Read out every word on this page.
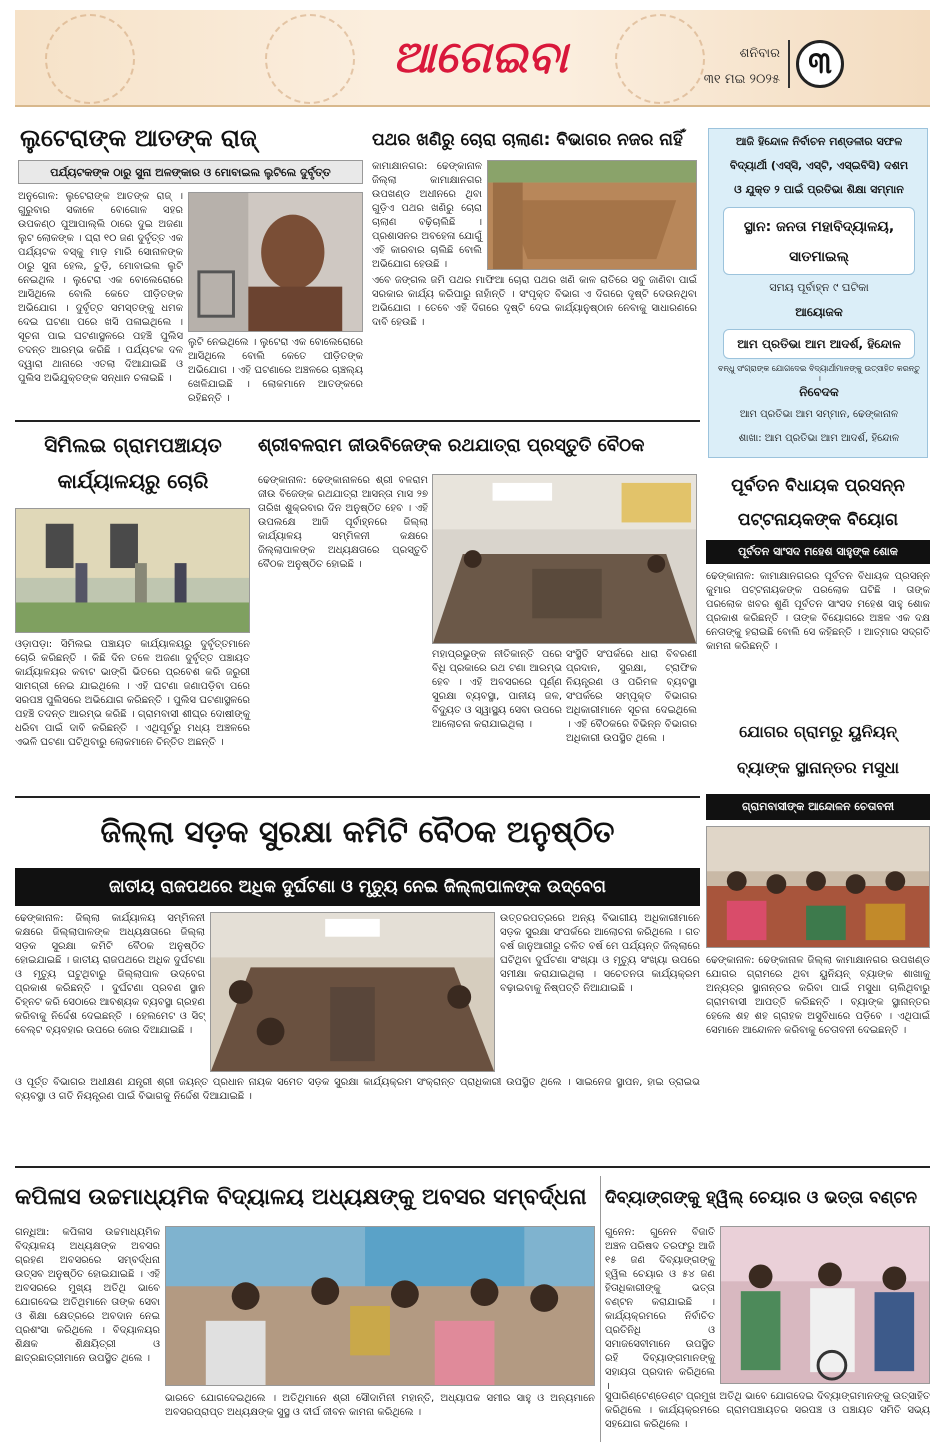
ଆଗେଇବା	ଶନିବାର
୩୧ ମଇ ୨୦୨୫ ୩
ଲୁଟେରାଙ୍କ ଆତଙ୍କ ରାଜ୍
ପର୍ଯ୍ୟଟକଙ୍କ ଠାରୁ ସୁନା ଅଳଙ୍କାର ଓ ମୋବାଇଲ ଲୁଟିଲେ ଦୁର୍ବୃତ୍ତ
ଅନୁଗୋଳ: ଲୁଟେରାଙ୍କ ଆତଙ୍କ ରାଜ୍ । ଗୁରୁବାର ସକାଳେ ବୋଗୋଳ ସହର ଉପକଣ୍ଠ ପୁଆପାଲ୍ଲି ଠାରେ ଦୁଇ ଅଜଣା ଲୁଟ ଲୋକଙ୍କ । ଘ୍ରା ୧୦ ଜଣ ଦୁର୍ବୃତ୍ତ ଏକ ପର୍ଯ୍ୟଟକ ବସ୍‌କୁ ମାଡ଼ ମାରି ସୋନାଳଙ୍କ ଠାରୁ ସୁନା ହେଲ, ଚୁଡ଼ି, ମୋବାଇଲ ଲୁଟି ନେଇଥିଲ । ଲୁଟେରା ଏକ ବୋଲେରୋରେ ଆସିଥିଲେ ବୋଲି କେତେ ପୀଡ଼ିତଙ୍କ ଅଭିଯୋଗ । ଦୁର୍ବୃତ୍ତ ସମସ୍ତଙ୍କୁ ଧମକ ଦେଇ ଘଟଣା ପରେ ଖସି ପଳାଇଥିଲେ । ସୂଚନା ପାଇ ଘଟଣାସ୍ଥଳରେ ପହଞ୍ଚି ପୁଲିସ ତଦନ୍ତ ଆରମ୍ଭ କରିଛି । ପର୍ଯ୍ୟଟକ ଦଳ ଦ୍ୱାରା ଥାନାରେ ଏତଲା ଦିଆଯାଇଛି ଓ ପୁଲିସ ଅଭିଯୁକ୍ତଙ୍କ ସନ୍ଧାନ ଚଳାଇଛି ।
ଲୁଟି ନେଇଥିଲେ । ଲୁଟେରା ଏକ ବୋଲେରୋରେ ଆସିଥିଲେ ବୋଲି କେତେ ପୀଡ଼ିତଙ୍କ ଅଭିଯୋଗ । ଏହି ଘଟଣାରେ ଅଞ୍ଚଳରେ ଚାଞ୍ଚଲ୍ୟ ଖେଳିଯାଇଛି । ଲୋକମାନେ ଆତଙ୍କରେ ରହିଛନ୍ତି ।
ପଥର ଖଣିରୁ ଚୋରା ଚାଲାଣ: ବିଭାଗର ନଜର ନାହିଁ
କାମାକ୍ଷାନଗର: ଢେଙ୍କାନାଳ ଜିଲ୍ଲା କାମାକ୍ଷାନଗର ଉପଖଣ୍ଡ ଅଧୀନରେ ଥିବା ଗୁଡ଼ିଏ ପଥର ଖଣିରୁ ଚୋରା ଚାଲାଣ ବଢ଼ିଚାଲିଛି । ପ୍ରଶାସନର ଅବହେଳା ଯୋଗୁଁ ଏହି କାରବାର ଚାଲିଛି ବୋଲି ଅଭିଯୋଗ ହେଉଛି ।
ଏବେ ଜଙ୍ଗଲ ଜମି ପଥର ମାଫିଆ ଚୋରା ପଥର ଖଣି କାଳ ରାତିରେ ସବୁ ଜାଣିବା ପାଇଁ ସରକାର କାର୍ଯ୍ୟ କରିପାରୁ ନାହାଁନ୍ତି । ସଂପୃକ୍ତ ବିଭାଗ ଏ ଦିଗରେ ଦୃଷ୍ଟି ଦେଉନଥିବା ଅଭିଯୋଗ । ତେବେ ଏହି ଦିଗରେ ଦୃଷ୍ଟି ଦେଇ କାର୍ଯ୍ୟାନୁଷ୍ଠାନ ନେବାକୁ ସାଧାରଣରେ ଦାବି ହେଉଛି ।
ଆଜି ହିନ୍ଦୋଳ ନିର୍ବାଚନ ମଣ୍ଡଳୀର ସଫଳ
ବିଦ୍ୟାର୍ଥୀ (ଏସ୍‌ସି, ଏସ୍‌ଟି, ଏସ୍‌ଇବିସି) ଦଶମ
ଓ ଯୁକ୍ତ ୨ ପାଇଁ ପ୍ରତିଭା ଶିକ୍ଷା ସମ୍ମାନ
ସ୍ଥାନ: ଜନତା ମହାବିଦ୍ୟାଳୟ,
ସାତମାଇଲ୍
ସମୟ ପୂର୍ବାହ୍ନ ୯ ଘଟିକା
ଆୟୋଜକ
ଆମ ପ୍ରତିଭା ଆମ ଆଦର୍ଶ, ହିନ୍ଦୋଳ
ବନ୍ଧୁ ସଂଗ୍ରାଙ୍କ ଯୋଗଦେଇ ବିଦ୍ୟାର୍ଥୀମାନଙ୍କୁ ଉତ୍ସାହିତ କରନ୍ତୁ ।
ନିବେଦକ
ଆମ ପ୍ରତିଭା ଆମ ସମ୍ମାନ, ଢେଙ୍କାନାଳ
ଶାଖା: ଆମ ପ୍ରତିଭା ଆମ ଆଦର୍ଶ, ହିନ୍ଦୋଳ
ସିମିଲଇ ଗ୍ରାମପଞ୍ଚାୟତ
କାର୍ଯ୍ୟାଳୟରୁ ଚୋରି
ଓଡ଼ାପଡ଼ା: ସିମିଲଇ ପଞ୍ଚାୟତ କାର୍ଯ୍ୟାଳୟରୁ ଦୁର୍ବୃତ୍ତମାନେ ଚୋରି କରିଛନ୍ତି । କିଛି ଦିନ ତଳେ ଅଜଣା ଦୁର୍ବୃତ୍ତ ପଞ୍ଚାୟତ କାର୍ଯ୍ୟାଳୟର କବାଟ ଭାଙ୍ଗି ଭିତରେ ପ୍ରବେଶ କରି ଜରୁରୀ ସାମଗ୍ରୀ ନେଇ ଯାଇଥିଲେ । ଏହି ଘଟଣା ଜଣାପଡ଼ିବା ପରେ ସରପଞ୍ଚ ପୁଲିସରେ ଅଭିଯୋଗ କରିଛନ୍ତି । ପୁଲିସ ଘଟଣାସ୍ଥଳରେ ପହଞ୍ଚି ତଦନ୍ତ ଆରମ୍ଭ କରିଛି । ଗ୍ରାମବାସୀ ଶୀଘ୍ର ଦୋଷୀଙ୍କୁ ଧରିବା ପାଇଁ ଦାବି କରିଛନ୍ତି । ଏଥିପୂର୍ବରୁ ମଧ୍ୟ ଅଞ୍ଚଳରେ ଏଭଳି ଘଟଣା ଘଟିଥିବାରୁ ଲୋକମାନେ ଚିନ୍ତିତ ଅଛନ୍ତି ।
ଶ୍ରୀବଳରାମ ଜୀଉବିଜେଙ୍କ ରଥଯାତ୍ରା ପ୍ରସ୍ତୁତି ବୈଠକ
ଢେଙ୍କାନାଳ: ଢେଙ୍କାନାଳରେ ଶ୍ରୀ ବଳରାମ ଜୀଉ ବିଜେଙ୍କ ରଥଯାତ୍ରା ଆସନ୍ତା ମାସ ୨୭ ତାରିଖ ଶୁକ୍ରବାର ଦିନ ଅନୁଷ୍ଠିତ ହେବ । ଏହି ଉପଲକ୍ଷେ ଆଜି ପୂର୍ବାହ୍ନରେ ଜିଲ୍ଲା କାର୍ଯ୍ୟାଳୟ ସମ୍ମିଳନୀ କକ୍ଷରେ ଜିଲ୍ଲାପାଳଙ୍କ ଅଧ୍ୟକ୍ଷତାରେ ପ୍ରସ୍ତୁତି ବୈଠକ ଅନୁଷ୍ଠିତ ହୋଇଛି ।
ମହାପ୍ରଭୁଙ୍କ ନୀତିକାନ୍ତି ପରେ ବିଧି ପ୍ରକାରେ ରଥ ଟଣା ଆରମ୍ଭ ହେବ । ଏହି ଅବସରରେ ପୂର୍ଣ୍ଣ ସୁରକ୍ଷା ବ୍ୟବସ୍ଥା, ପାନୀୟ ଜଳ, ବିଦ୍ୟୁତ ଓ ସ୍ୱାସ୍ଥ୍ୟ ସେବା ଉପରେ ଆଲୋଚନା କରାଯାଇଥିଲା ।
ସଂସ୍ଥିତି ସଂପର୍କରେ ଧାରା ବିବରଣୀ ପ୍ରଦାନ, ସୁରକ୍ଷା, ଟ୍ରାଫିକ ନିୟନ୍ତ୍ରଣ ଓ ପରିମଳ ବ୍ୟବସ୍ଥା ସଂପର୍କରେ ସମ୍ପୃକ୍ତ ବିଭାଗର ଅଧିକାରୀମାନେ ସୂଚନା ଦେଇଥିଲେ । ଏହି ବୈଠକରେ ବିଭିନ୍ନ ବିଭାଗର ଅଧିକାରୀ ଉପସ୍ଥିତ ଥିଲେ ।
ପୂର୍ବତନ ବିଧାୟକ ପ୍ରସନ୍ନ
ପଟ୍ଟନାୟକଙ୍କ ବିୟୋଗ
ପୂର୍ବତନ ସାଂସଦ ମହେଶ ସାହୁଙ୍କ ଶୋକ
ଢେଙ୍କାନାଳ: କାମାକ୍ଷାନଗରର ପୂର୍ବତନ ବିଧାୟକ ପ୍ରସନ୍ନ କୁମାର ପଟ୍ଟନାୟକଙ୍କ ପରଲୋକ ଘଟିଛି । ତାଙ୍କ ପରଲୋକ ଖବର ଶୁଣି ପୂର୍ବତନ ସାଂସଦ ମହେଶ ସାହୁ ଶୋକ ପ୍ରକାଶ କରିଛନ୍ତି । ତାଙ୍କ ବିୟୋଗରେ ଅଞ୍ଚଳ ଏକ ଦକ୍ଷ ନେତାଙ୍କୁ ହରାଇଛି ବୋଲି ସେ କହିଛନ୍ତି । ଆତ୍ମାର ସଦ୍‌ଗତି କାମନା କରିଛନ୍ତି ।
ଯୋଗର ଗ୍ରାମରୁ ୟୁନିୟନ୍
ବ୍ୟାଙ୍କ ସ୍ଥାନାନ୍ତର ମସୁଧା
ଗ୍ରାମବାସୀଙ୍କ ଆନ୍ଦୋଳନ ଚେତାବନୀ
ଢେଙ୍କାନାଳ: ଢେଙ୍କାନାଳ ଜିଲ୍ଲା କାମାକ୍ଷାନଗର ଉପଖଣ୍ଡ ଯୋଗର ଗ୍ରାମରେ ଥିବା ୟୁନିୟନ୍ ବ୍ୟାଙ୍କ ଶାଖାକୁ ଅନ୍ୟତ୍ର ସ୍ଥାନାନ୍ତର କରିବା ପାଇଁ ମସୁଧା ଚାଲିଥିବାରୁ ଗ୍ରାମବାସୀ ଆପତ୍ତି କରିଛନ୍ତି । ବ୍ୟାଙ୍କ ସ୍ଥାନାନ୍ତର ହେଲେ ଶହ ଶହ ଗ୍ରାହକ ଅସୁବିଧାରେ ପଡ଼ିବେ । ଏଥିପାଇଁ ସେମାନେ ଆନ୍ଦୋଳନ କରିବାକୁ ଚେତାବନୀ ଦେଇଛନ୍ତି ।
ଜିଲ୍ଲା ସଡ଼କ ସୁରକ୍ଷା କମିଟି ବୈଠକ ଅନୁଷ୍ଠିତ
ଜାତୀୟ ରାଜପଥରେ ଅଧିକ ଦୁର୍ଘଟଣା ଓ ମୃତ୍ୟୁ ନେଇ ଜିଲ୍ଲାପାଳଙ୍କ ଉଦ୍‌ବେଗ
ଢେଙ୍କାନାଳ: ଜିଲ୍ଲା କାର୍ଯ୍ୟାଳୟ ସମ୍ମିଳନୀ କକ୍ଷରେ ଜିଲ୍ଲାପାଳଙ୍କ ଅଧ୍ୟକ୍ଷତାରେ ଜିଲ୍ଲା ସଡ଼କ ସୁରକ୍ଷା କମିଟି ବୈଠକ ଅନୁଷ୍ଠିତ ହୋଇଯାଇଛି । ଜାତୀୟ ରାଜପଥରେ ଅଧିକ ଦୁର୍ଘଟଣା ଓ ମୃତ୍ୟୁ ଘଟୁଥିବାରୁ ଜିଲ୍ଲାପାଳ ଉଦ୍‌ବେଗ ପ୍ରକାଶ କରିଛନ୍ତି । ଦୁର୍ଘଟଣା ପ୍ରବଣ ସ୍ଥାନ ଚିହ୍ନଟ କରି ସେଠାରେ ଆବଶ୍ୟକ ବ୍ୟବସ୍ଥା ଗ୍ରହଣ କରିବାକୁ ନିର୍ଦ୍ଦେଶ ଦେଇଛନ୍ତି । ହେଲମେଟ ଓ ସିଟ୍ ବେଲ୍ଟ ବ୍ୟବହାର ଉପରେ ଜୋର ଦିଆଯାଇଛି ।
ଉତ୍ତରପତ୍ରରେ ଅନ୍ୟ ବିଭାଗୀୟ ଅଧିକାରୀମାନେ ସଡ଼କ ସୁରକ୍ଷା ସଂପର୍କରେ ଆଲୋଚନା କରିଥିଲେ । ଗତ ବର୍ଷ ଜାନୁଆରୀରୁ ଚଳିତ ବର୍ଷ ମେ ପର୍ଯ୍ୟନ୍ତ ଜିଲ୍ଲାରେ ଘଟିଥିବା ଦୁର୍ଘଟଣା ସଂଖ୍ୟା ଓ ମୃତ୍ୟୁ ସଂଖ୍ୟା ଉପରେ ସମୀକ୍ଷା କରାଯାଇଥିଲା । ସଚେତନତା କାର୍ଯ୍ୟକ୍ରମ ବଢ଼ାଇବାକୁ ନିଷ୍ପତ୍ତି ନିଆଯାଇଛି ।
ଓ ପୂର୍ତ୍ତ ବିଭାଗର ଅଧୀକ୍ଷଣ ଯନ୍ତ୍ରୀ ଶ୍ରୀ ଜୟନ୍ତ ପ୍ରଧାନ ନାୟକ ସମେତ ସଡ଼କ ସୁରକ୍ଷା କାର୍ଯ୍ୟକ୍ରମ ସଂକ୍ରାନ୍ତ ପ୍ରାଧିକାରୀ ଉପସ୍ଥିତ ଥିଲେ । ସାଇନେଜ ସ୍ଥାପନ, ହାଇ ଡ୍ରାଇଭ ବ୍ୟବସ୍ଥା ଓ ଗତି ନିୟନ୍ତ୍ରଣ ପାଇଁ ବିଭାଗକୁ ନିର୍ଦ୍ଦେଶ ଦିଆଯାଇଛି ।
କପିଳାସ ଉଚ୍ଚମାଧ୍ୟମିକ ବିଦ୍ୟାଳୟ ଅଧ୍ୟକ୍ଷଙ୍କୁ ଅବସର ସମ୍ବର୍ଦ୍ଧନା
ଗନ୍ଧିଆ: କପିଳାସ ଉଚ୍ଚମାଧ୍ୟମିକ ବିଦ୍ୟାଳୟ ଅଧ୍ୟକ୍ଷଙ୍କ ଅବସର ଗ୍ରହଣ ଅବସରରେ ସମ୍ବର୍ଦ୍ଧନା ଉତ୍ସବ ଅନୁଷ୍ଠିତ ହୋଇଯାଇଛି । ଏହି ଅବସରରେ ମୁଖ୍ୟ ଅତିଥି ଭାବେ ଯୋଗଦେଇ ଅତିଥିମାନେ ତାଙ୍କ ସେବା ଓ ଶିକ୍ଷା କ୍ଷେତ୍ରରେ ଅବଦାନ ନେଇ ପ୍ରଶଂସା କରିଥିଲେ । ବିଦ୍ୟାଳୟର ଶିକ୍ଷକ ଶିକ୍ଷୟିତ୍ରୀ ଓ ଛାତ୍ରଛାତ୍ରୀମାନେ ଉପସ୍ଥିତ ଥିଲେ ।
ଭାରତେ ଯୋଗଦେଇଥିଲେ । ଅତିଥିମାନେ ଶ୍ରୀ ସୌଦାମିନୀ ମହାନ୍ତି, ଅଧ୍ୟାପକ ସମୀର ସାହୁ ଓ ଅନ୍ୟମାନେ ଅବସରପ୍ରାପ୍ତ ଅଧ୍ୟକ୍ଷଙ୍କ ସୁସ୍ଥ ଓ ଦୀର୍ଘ ଜୀବନ କାମନା କରିଥିଲେ ।
ଦିବ୍ୟାଙ୍ଗଙ୍କୁ ହ୍ୱିଲ୍ ଚେୟାର ଓ ଭତ୍ତା ବଣ୍ଟନ
ଗୁନେନ: ଗୁନେନ ବିଜାତି ଅଞ୍ଚଳ ପରିଷଦ ତରଫରୁ ଆଜି ୧୫ ଜଣ ଦିବ୍ୟାଙ୍ଗଙ୍କୁ ହ୍ୱିଲ ଚେୟାର ଓ ୫୪ ଜଣ ହିତାଧିକାରୀଙ୍କୁ ଭତ୍ତା ବଣ୍ଟନ କରାଯାଇଛି । କାର୍ଯ୍ୟକ୍ରମରେ ନିର୍ବାଚିତ ପ୍ରତିନିଧି ଓ ସମାଜସେବୀମାନେ ଉପସ୍ଥିତ ରହି ଦିବ୍ୟାଙ୍ଗମାନଙ୍କୁ ସହାୟତା ପ୍ରଦାନ କରିଥିଲେ ।
ସୁପାରିଣ୍ଟେଣ୍ଡେଣ୍ଟ ପ୍ରମୁଖ ଅତିଥି ଭାବେ ଯୋଗଦେଇ ଦିବ୍ୟାଙ୍ଗମାନଙ୍କୁ ଉତ୍ସାହିତ କରିଥିଲେ । କାର୍ଯ୍ୟକ୍ରମରେ ଗ୍ରାମପଞ୍ଚାୟତର ସରପଞ୍ଚ ଓ ପଞ୍ଚାୟତ ସମିତି ସଭ୍ୟ ସହଯୋଗ କରିଥିଲେ ।
